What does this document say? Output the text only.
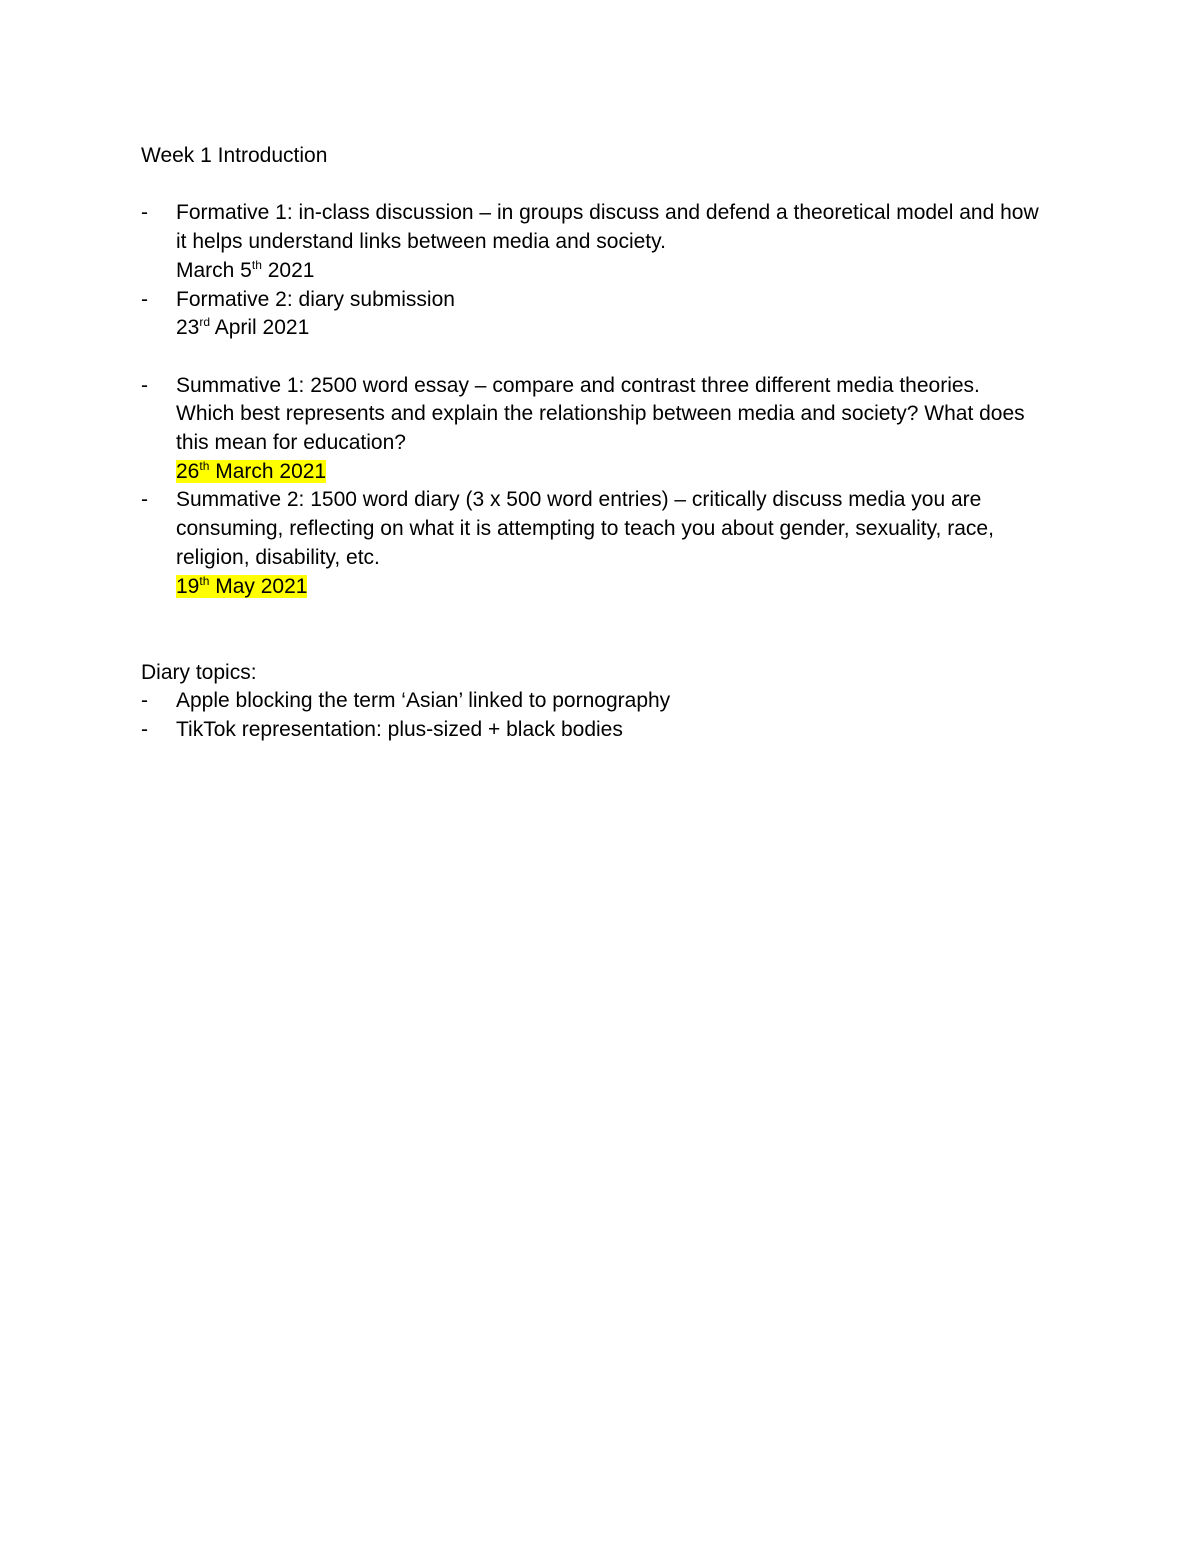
Week 1 Introduction
-	Formative 1: in-class discussion – in groups discuss and defend a theoretical model and how
it helps understand links between media and society.
March 5th 2021
-	Formative 2: diary submission
23rd April 2021
-	Summative 1: 2500 word essay – compare and contrast three different media theories.
Which best represents and explain the relationship between media and society? What does
this mean for education?
26th March 2021
-	Summative 2: 1500 word diary (3 x 500 word entries) – critically discuss media you are
consuming, reflecting on what it is attempting to teach you about gender, sexuality, race,
religion, disability, etc.
19th May 2021
Diary topics:
-	Apple blocking the term ‘Asian’ linked to pornography
-	TikTok representation: plus-sized + black bodies
